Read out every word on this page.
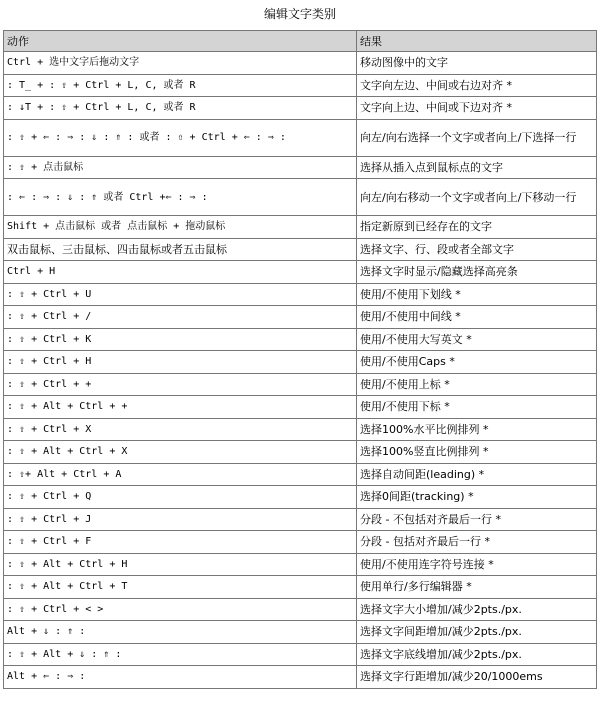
编辑文字类别
动作	结果
Ctrl + 选中文字后拖动文字	移动图像中的文字
: T̲ + : ⇧ + Ctrl + L, C, 或者 R	文字向左边、中间或右边对齐 *
: ↓T + : ⇧ + Ctrl + L, C, 或者 R	文字向上边、中间或下边对齐 *
: ⇧ + ⇐ : ⇒ : ⇓ : ⇑ : 或者 : ⇧ + Ctrl + ⇐ : ⇒ :	向左/向右选择一个文字或者向上/下选择一行
: ⇧ + 点击鼠标	选择从插入点到鼠标点的文字
: ⇐ : ⇒ : ⇓ : ⇑ 或者 Ctrl +⇐ : ⇒ :	向左/向右移动一个文字或者向上/下移动一行
Shift + 点击鼠标 或者 点击鼠标 + 拖动鼠标	指定新原到已经存在的文字
双击鼠标、三击鼠标、四击鼠标或者五击鼠标	选择文字、行、段或者全部文字
Ctrl + H	选择文字时显示/隐藏选择高亮条
: ⇧ + Ctrl + U	使用/不使用下划线 *
: ⇧ + Ctrl + /	使用/不使用中间线 *
: ⇧ + Ctrl + K	使用/不使用大写英文 *
: ⇧ + Ctrl + H	使用/不使用Caps *
: ⇧ + Ctrl + +	使用/不使用上标 *
: ⇧ + Alt + Ctrl + +	使用/不使用下标 *
: ⇧ + Ctrl + X	选择100%水平比例排列 *
: ⇧ + Alt + Ctrl + X	选择100%竖直比例排列 *
: ⇧+ Alt + Ctrl + A	选择自动间距(leading) *
: ⇧ + Ctrl + Q	选择0间距(tracking) *
: ⇧ + Ctrl + J	分段 - 不包括对齐最后一行 *
: ⇧ + Ctrl + F	分段 - 包括对齐最后一行 *
: ⇧ + Alt + Ctrl + H	使用/不使用连字符号连接 *
: ⇧ + Alt + Ctrl + T	使用单行/多行编辑器 *
: ⇧ + Ctrl + < >	选择文字大小增加/减少2pts./px.
Alt + ⇓ : ⇑ :	选择文字间距增加/减少2pts./px.
: ⇧ + Alt + ⇓ : ⇑ :	选择文字底线增加/减少2pts./px.
Alt + ⇐ : ⇒ :	选择文字行距增加/减少20/1000ems
